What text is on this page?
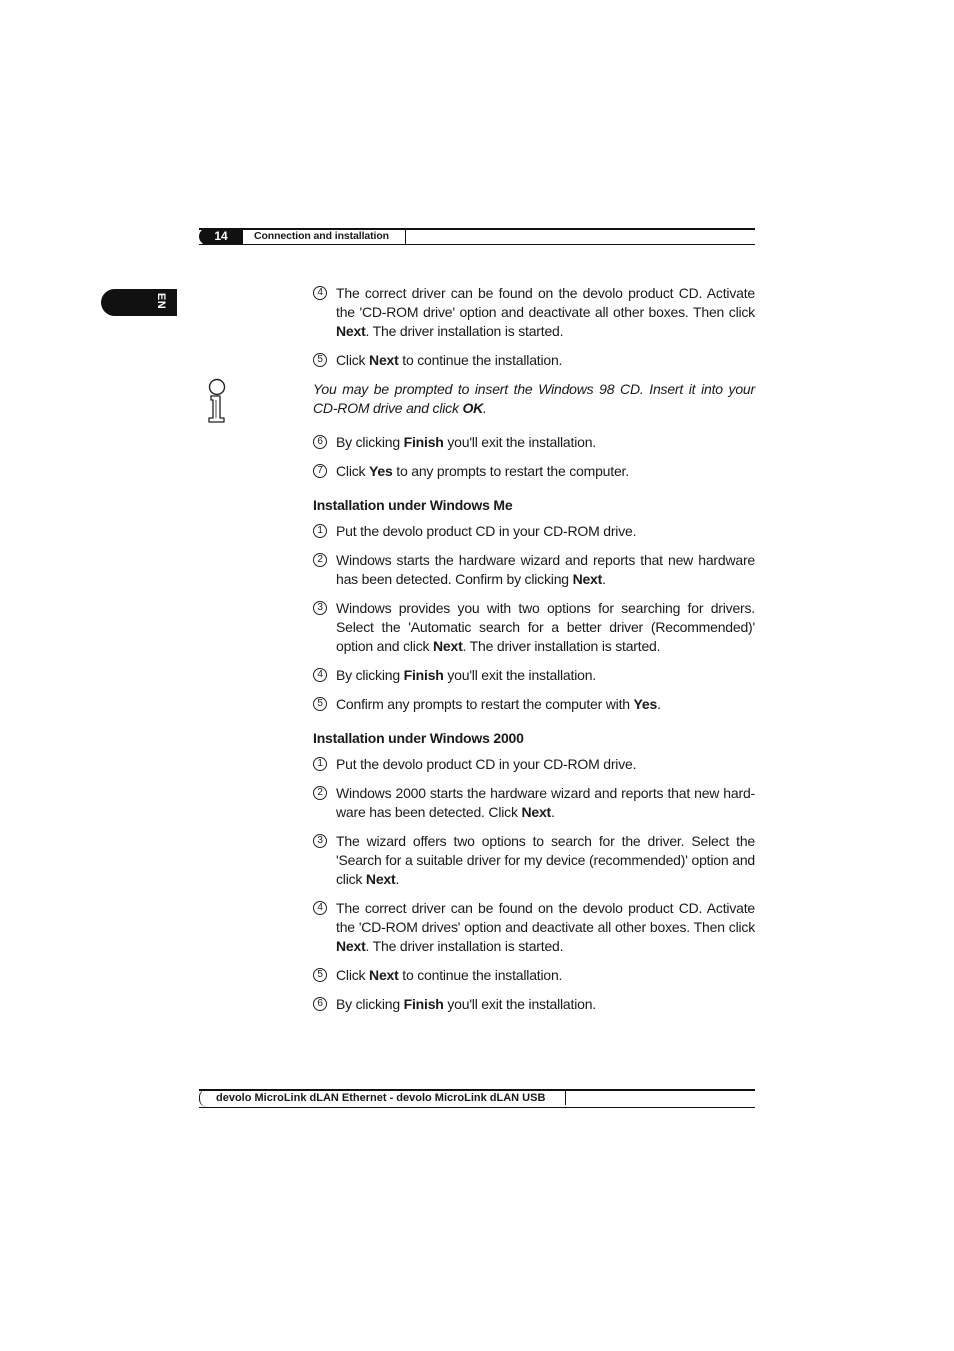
14	Connection and installation
EN

4 The correct driver can be found on the devolo product CD. Activate the 'CD-ROM drive' option and deactivate all other boxes. Then click Next. The driver installation is started.

5 Click Next to continue the installation.

You may be prompted to insert the Windows 98 CD. Insert it into your CD-ROM drive and click OK.

6 By clicking Finish you'll exit the installation.

7 Click Yes to any prompts to restart the computer.

Installation under Windows Me

1 Put the devolo product CD in your CD-ROM drive.

2 Windows starts the hardware wizard and reports that new hardware has been detected. Confirm by clicking Next.

3 Windows provides you with two options for searching for drivers. Select the 'Automatic search for a better driver (Recommended)' option and click Next. The driver installation is started.

4 By clicking Finish you'll exit the installation.

5 Confirm any prompts to restart the computer with Yes.

Installation under Windows 2000

1 Put the devolo product CD in your CD-ROM drive.

2 Windows 2000 starts the hardware wizard and reports that new hard-ware has been detected. Click Next.

3 The wizard offers two options to search for the driver. Select the 'Search for a suitable driver for my device (recommended)' option and click Next.

4 The correct driver can be found on the devolo product CD. Activate the 'CD-ROM drives' option and deactivate all other boxes. Then click Next. The driver installation is started.

5 Click Next to continue the installation.

6 By clicking Finish you'll exit the installation.

devolo MicroLink dLAN Ethernet - devolo MicroLink dLAN USB
